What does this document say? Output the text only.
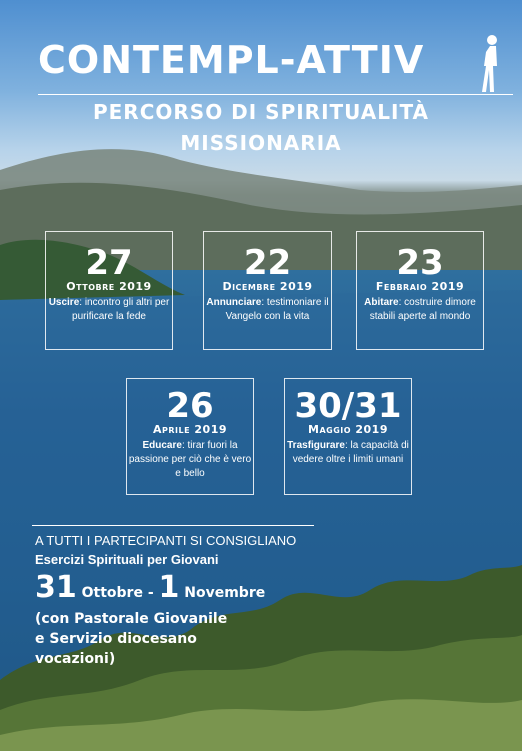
CONTEMPL-ATTIV
PERCORSO DI SPIRITUALITÀ
MISSIONARIA
27
Ottobre 2019
Uscire: incontro gli altri per purificare la fede
22
Dicembre 2019
Annunciare: testimoniare il Vangelo con la vita
23
Febbraio 2019
Abitare: costruire dimore stabili aperte al mondo
26
Aprile 2019
Educare: tirar fuori la passione per ciò che è vero e bello
30/31
Maggio 2019
Trasfigurare: la capacità di vedere oltre i limiti umani
A TUTTI I PARTECIPANTI SI CONSIGLIANO
Esercizi Spirituali per Giovani
31 Ottobre - 1 Novembre
(con Pastorale Giovanile
e Servizio diocesano
vocazioni)
